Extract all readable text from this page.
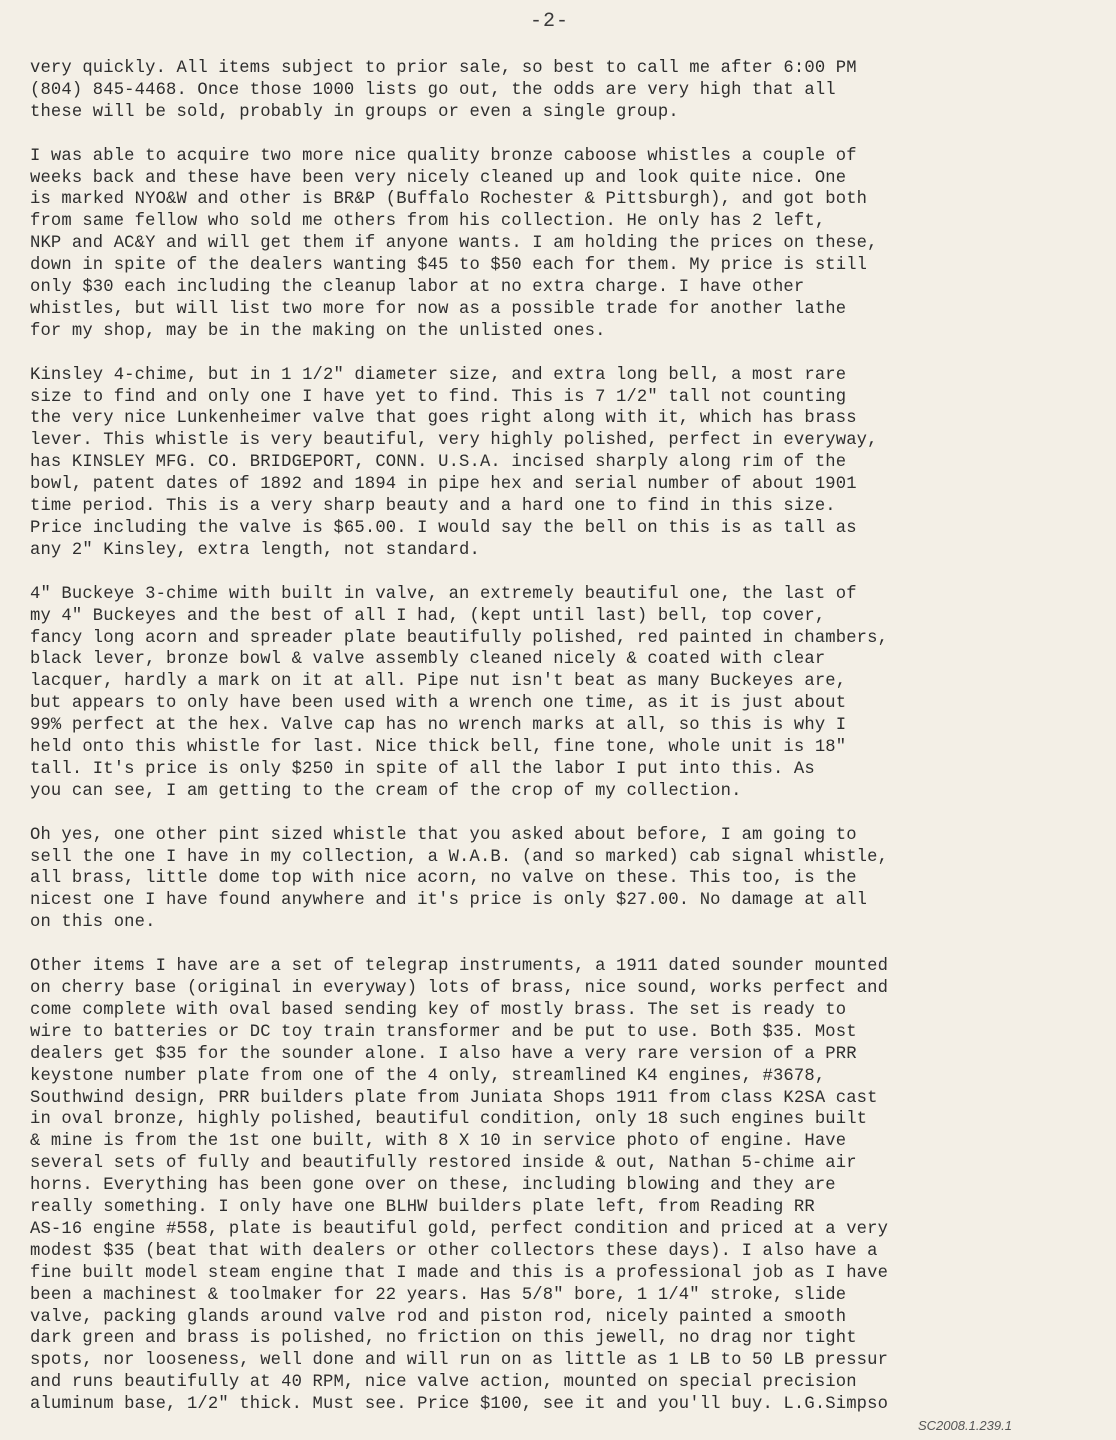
-2-
very quickly. All items subject to prior sale, so best to call me after 6:00 PM
(804) 845-4468. Once those 1000 lists go out, the odds are very high that all
these will be sold, probably in groups or even a single group.
I was able to acquire two more nice quality bronze caboose whistles a couple of
weeks back and these have been very nicely cleaned up and look quite nice. One
is marked NYO&W and other is BR&P (Buffalo Rochester & Pittsburgh), and got both
from same fellow who sold me others from his collection. He only has 2 left,
NKP and AC&Y and will get them if anyone wants. I am holding the prices on these,
down in spite of the dealers wanting $45 to $50 each for them. My price is still
only $30 each including the cleanup labor at no extra charge. I have other
whistles, but will list two more for now as a possible trade for another lathe
for my shop, may be in the making on the unlisted ones.
Kinsley 4-chime, but in 1 1/2" diameter size, and extra long bell, a most rare
size to find and only one I have yet to find. This is 7 1/2" tall not counting
the very nice Lunkenheimer valve that goes right along with it, which has brass
lever. This whistle is very beautiful, very highly polished, perfect in everyway,
has KINSLEY MFG. CO. BRIDGEPORT, CONN. U.S.A. incised sharply along rim of the
bowl, patent dates of 1892 and 1894 in pipe hex and serial number of about 1901
time period. This is a very sharp beauty and a hard one to find in this size.
Price including the valve is $65.00. I would say the bell on this is as tall as
any 2" Kinsley, extra length, not standard.
4" Buckeye 3-chime with built in valve, an extremely beautiful one, the last of
my 4" Buckeyes and the best of all I had, (kept until last) bell, top cover,
fancy long acorn and spreader plate beautifully polished, red painted in chambers,
black lever, bronze bowl & valve assembly cleaned nicely & coated with clear
lacquer, hardly a mark on it at all. Pipe nut isn't beat as many Buckeyes are,
but appears to only have been used with a wrench one time, as it is just about
99% perfect at the hex. Valve cap has no wrench marks at all, so this is why I
held onto this whistle for last. Nice thick bell, fine tone, whole unit is 18"
tall. It's price is only $250 in spite of all the labor I put into this. As
you can see, I am getting to the cream of the crop of my collection.
Oh yes, one other pint sized whistle that you asked about before, I am going to
sell the one I have in my collection, a W.A.B. (and so marked) cab signal whistle,
all brass, little dome top with nice acorn, no valve on these. This too, is the
nicest one I have found anywhere and it's price is only $27.00. No damage at all
on this one.
Other items I have are a set of telegrap instruments, a 1911 dated sounder mounted
on cherry base (original in everyway) lots of brass, nice sound, works perfect and
come complete with oval based sending key of mostly brass. The set is ready to
wire to batteries or DC toy train transformer and be put to use. Both $35. Most
dealers get $35 for the sounder alone. I also have a very rare version of a PRR
keystone number plate from one of the 4 only, streamlined K4 engines, #3678,
Southwind design, PRR builders plate from Juniata Shops 1911 from class K2SA cast
in oval bronze, highly polished, beautiful condition, only 18 such engines built
& mine is from the 1st one built, with 8 X 10 in service photo of engine. Have
several sets of fully and beautifully restored inside & out, Nathan 5-chime air
horns. Everything has been gone over on these, including blowing and they are
really something. I only have one BLHW builders plate left, from Reading RR
AS-16 engine #558, plate is beautiful gold, perfect condition and priced at a very
modest $35 (beat that with dealers or other collectors these days). I also have a
fine built model steam engine that I made and this is a professional job as I have
been a machinest & toolmaker for 22 years. Has 5/8" bore, 1 1/4" stroke, slide
valve, packing glands around valve rod and piston rod, nicely painted a smooth
dark green and brass is polished, no friction on this jewell, no drag nor tight
spots, nor looseness, well done and will run on as little as 1 LB to 50 LB pressur
and runs beautifully at 40 RPM, nice valve action, mounted on special precision
aluminum base, 1/2" thick. Must see. Price $100, see it and you'll buy. L.G.Simpso
SC2008.1.239.1
